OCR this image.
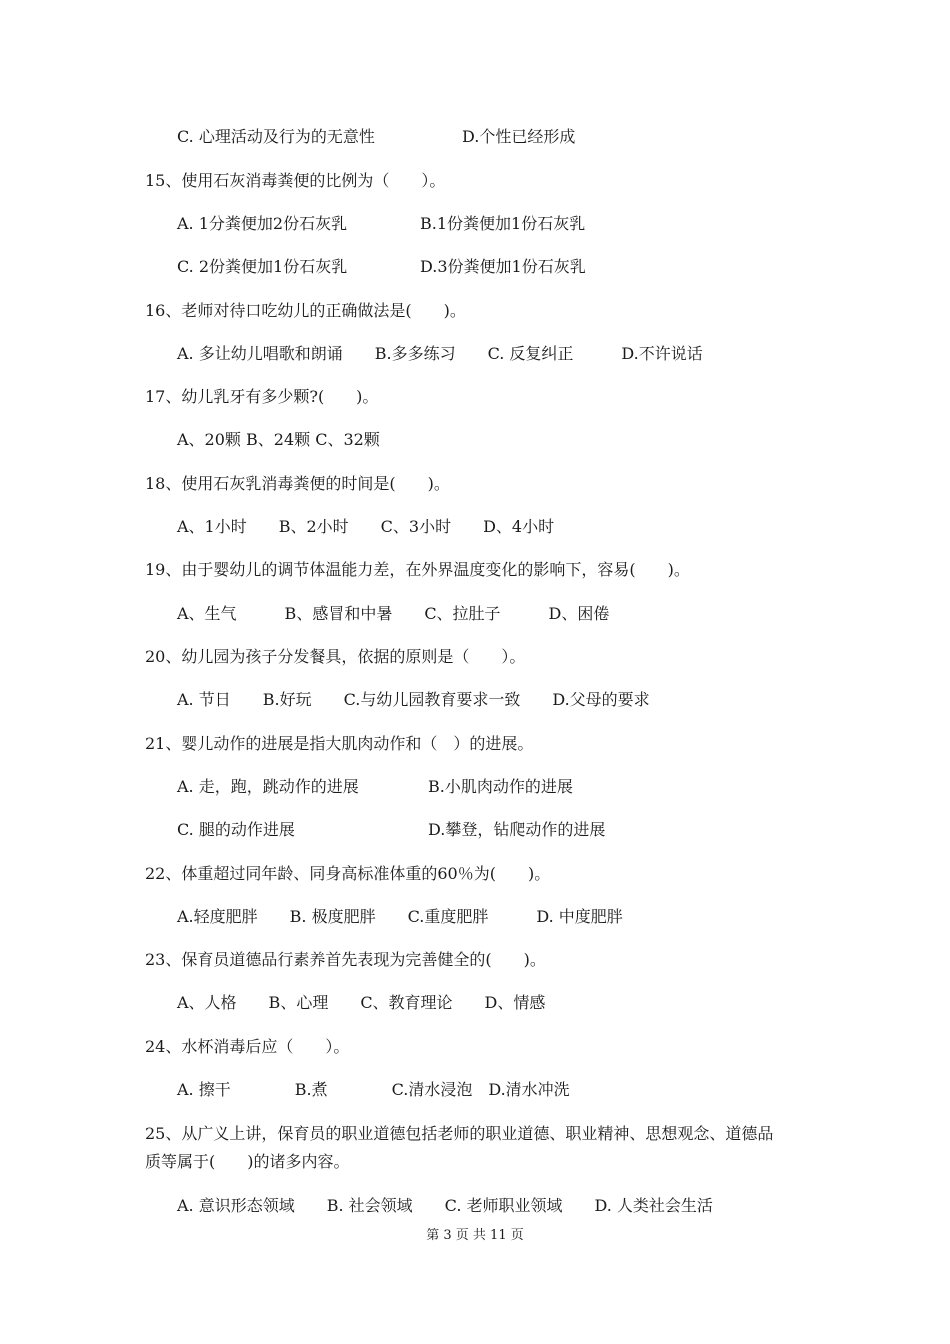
C. 心理活动及行为的无意性	D.个性已经形成
15、使用石灰消毒粪便的比例为（　　）。
A. 1分粪便加2份石灰乳	B.1份粪便加1份石灰乳
C. 2份粪便加1份石灰乳	D.3份粪便加1份石灰乳
16、老师对待口吃幼儿的正确做法是(　　)。
A. 多让幼儿唱歌和朗诵　　B.多多练习　　C. 反复纠正　　　D.不许说话
17、幼儿乳牙有多少颗?(　　)。
A、20颗 B、24颗 C、32颗
18、使用石灰乳消毒粪便的时间是(　　)。
A、1小时　　B、2小时　　C、3小时　　D、4小时
19、由于婴幼儿的调节体温能力差，在外界温度变化的影响下，容易(　　)。
A、生气　　　B、感冒和中暑　　C、拉肚子　　　D、困倦
20、幼儿园为孩子分发餐具，依据的原则是（　　）。
A. 节日　　B.好玩　　C.与幼儿园教育要求一致　　D.父母的要求
21、婴儿动作的进展是指大肌肉动作和（　）的进展。
A. 走，跑，跳动作的进展	B.小肌肉动作的进展
C. 腿的动作进展	D.攀登，钻爬动作的进展
22、体重超过同年龄、同身高标准体重的60％为(　　)。
A.轻度肥胖　　B. 极度肥胖　　C.重度肥胖　　　D. 中度肥胖
23、保育员道德品行素养首先表现为完善健全的(　　)。
A、人格　　B、心理　　C、教育理论　　D、情感
24、水杯消毒后应（　　）。
A. 擦干　　　　B.煮　　　　C.清水浸泡　D.清水冲洗
25、从广义上讲，保育员的职业道德包括老师的职业道德、职业精神、思想观念、道德品
质等属于(　　)的诸多内容。
A. 意识形态领域　　B. 社会领域　　C. 老师职业领域　　D. 人类社会生活
第 3 页 共 11 页
